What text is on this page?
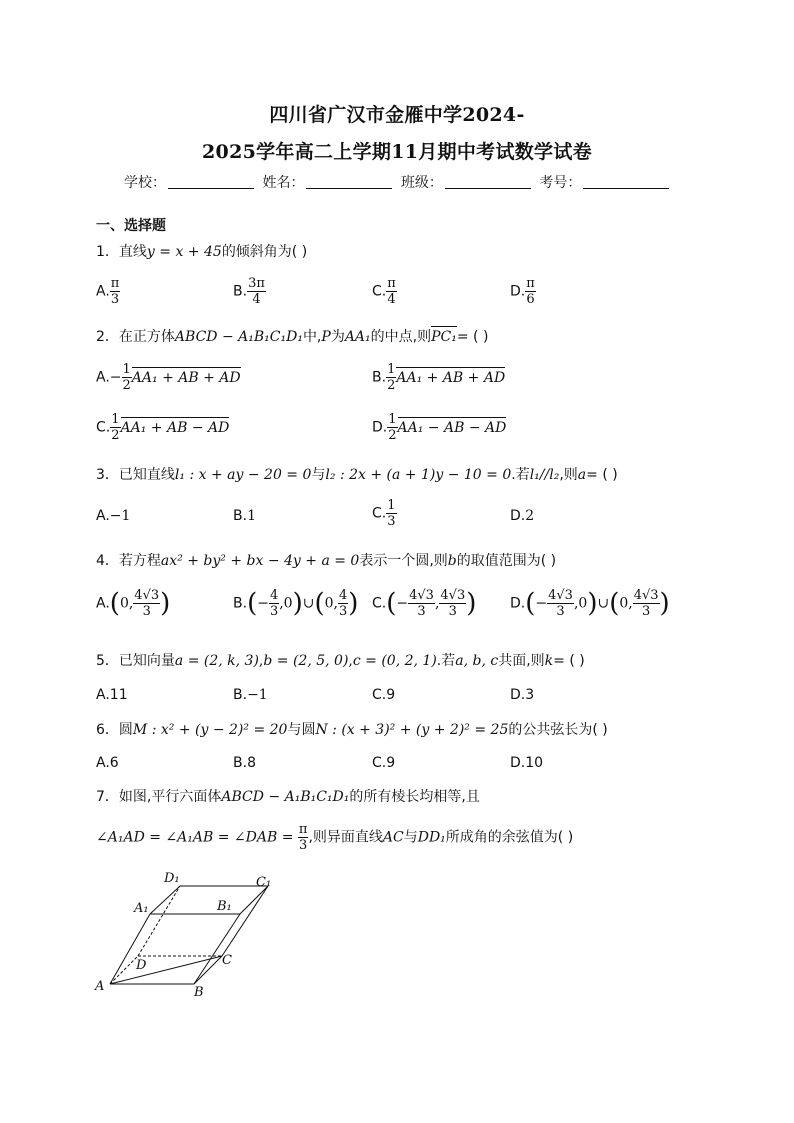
四川省广汉市金雁中学2024-
2025学年高二上学期11月期中考试数学试卷
学校：	姓名：	班级：	考号：
一、选择题
1．直线y = x + 45的倾斜角为( )
A. $\frac{\pi}{3}$	B. $\frac{3\pi}{4}$	C. $\frac{\pi}{4}$	D. $\frac{\pi}{6}$
2．在正方体ABCD − A₁B₁C₁D₁中,P为AA₁的中点,则PC₁= ( )
$A.- \frac{1}{2} AA_1$ + AB + AD	B. $\frac{1}{2} AA_1$ + AB + AD
C. $\frac{1}{2} AA_1$ + AB − AD	D. $\frac{1}{2} AA_1$ − AB − AD
3．已知直线l₁ : x + ay − 20 = 0与l₂ : 2x + (a + 1)y − 10 = 0.若l₁//l₂,则a= ( )
A.−1	B.1	C. $\frac{1}{3}$	D.2
4．若方程ax² + by² + bx − 4y + a = 0表示一个圆,则b的取值范围为( )
A.(0, $\frac{4√3}{3}$ )	$B.(- \frac{4}{3}$ ,0)∪(0, $\frac{4}{3}$ ) $C.(- \frac{4√3}{3}$ , $\frac{4√3}{3}$ ) $D.(- \frac{4√3}{3}$ ,0)∪(0, $\frac{4√3}{3}$ )
5．已知向量a = (2, k, 3),b = (2, 5, 0),c = (0, 2, 1).若a, b, c共面,则k= ( )
A.11	B.−1	C.9	D.3
6．圆M : x² + (y − 2)² = 20与圆N : (x + 3)² + (y + 2)² = 25的公共弦长为( )
A.6	B.8	C.9	D.10
7．如图,平行六面体ABCD − A₁B₁C₁D₁的所有棱长均相等,且
∠A₁AD = ∠A₁AB = ∠DAB = $\frac{\pi}{3}$ ,则异面直线AC与DD₁所成角的余弦值为( )
D₁	C₁
A₁	B₁
D	C
A	B
